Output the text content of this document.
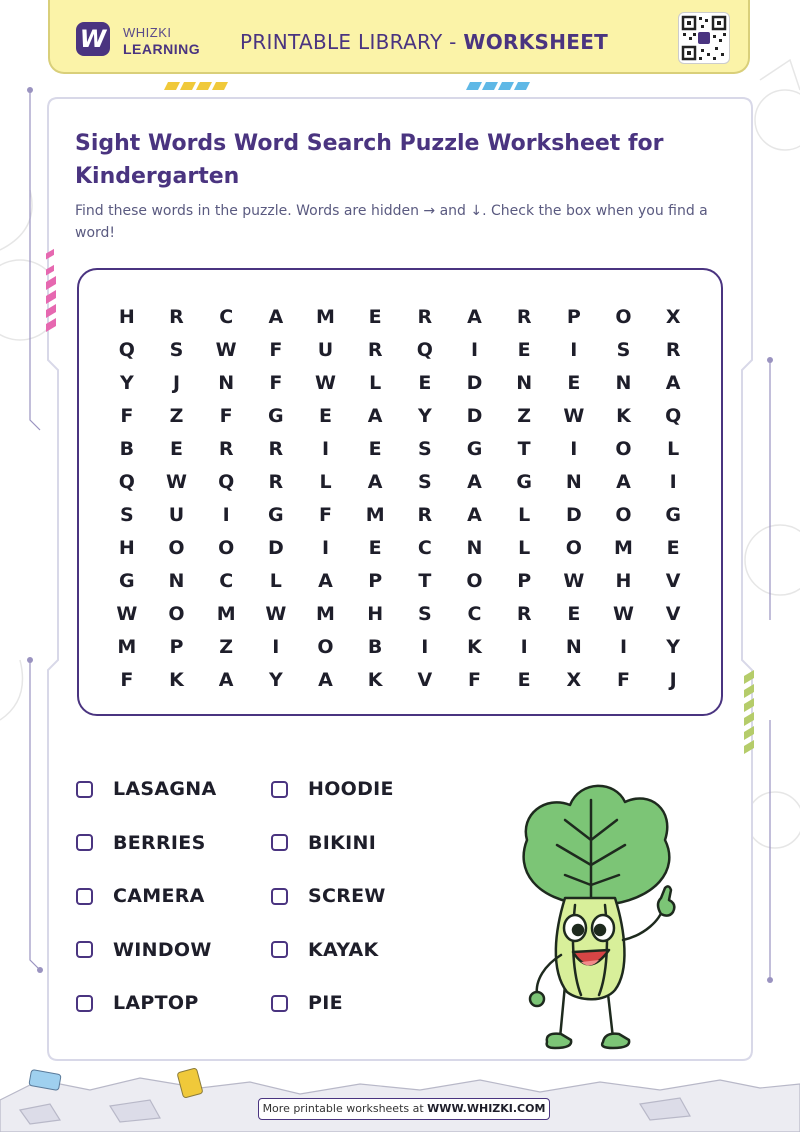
W WHIZKI
LEARNING PRINTABLE LIBRARY - WORKSHEET
Sight Words Word Search Puzzle Worksheet for Kindergarten

Find these words in the puzzle. Words are hidden → and ↓. Check the box when you find a word!

H	R	C	A	M	E	R	A	R	P	O	X
Q	S	W	F	U	R	Q	I	E	I	S	R
Y	J	N	F	W	L	E	D	N	E	N	A
F	Z	F	G	E	A	Y	D	Z	W	K	Q
B	E	R	R	I	E	S	G	T	I	O	L
Q	W	Q	R	L	A	S	A	G	N	A	I
S	U	I	G	F	M	R	A	L	D	O	G
H	O	O	D	I	E	C	N	L	O	M	E
G	N	C	L	A	P	T	O	P	W	H	V
W	O	M	W	M	H	S	C	R	E	W	V
M	P	Z	I	O	B	I	K	I	N	I	Y
F	K	A	Y	A	K	V	F	E	X	F	J
LASAGNA
BERRIES
CAMERA
WINDOW
LAPTOP
HOODIE
BIKINI
SCREW
KAYAK
PIE
More printable worksheets at WWW.WHIZKI.COM
